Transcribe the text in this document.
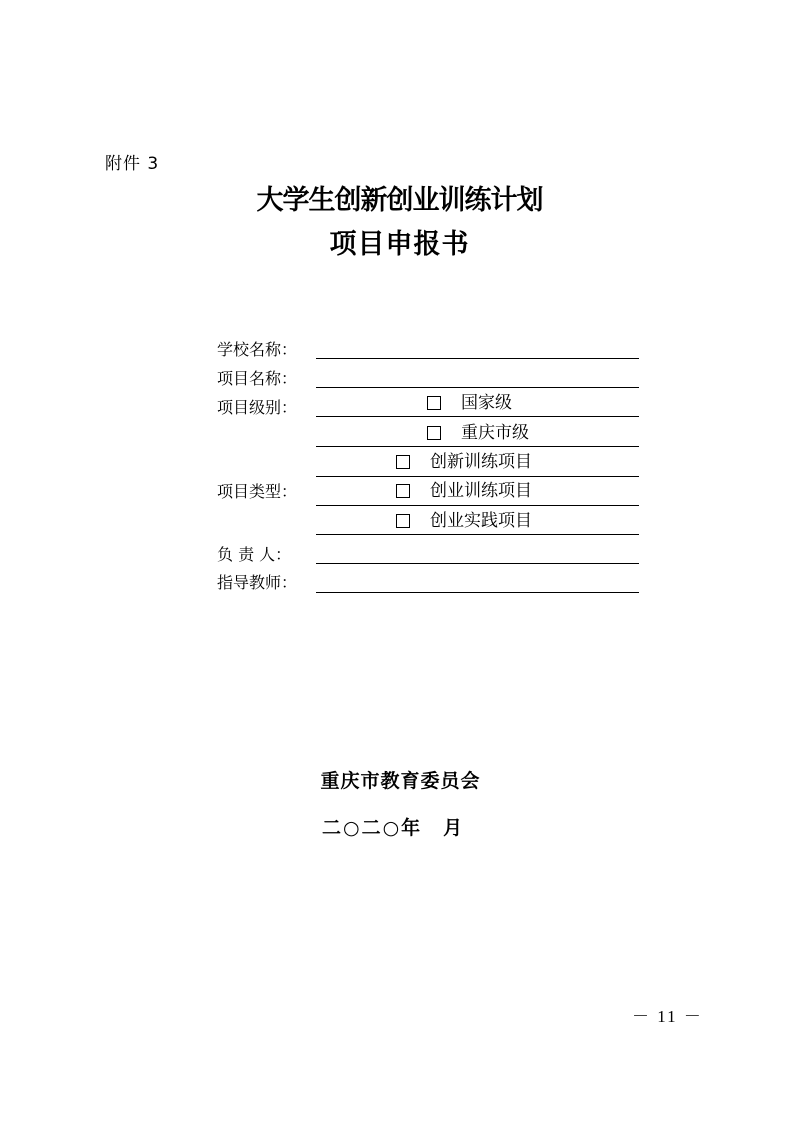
附件 3
大学生创新创业训练计划
项目申报书
学校名称：
项目名称：
项目级别：	国家级
重庆市级
创新训练项目
项目类型：	创业训练项目
创业实践项目
负 责 人：
指导教师：
重庆市教育委员会
二○二○年　月
－ 11 －
